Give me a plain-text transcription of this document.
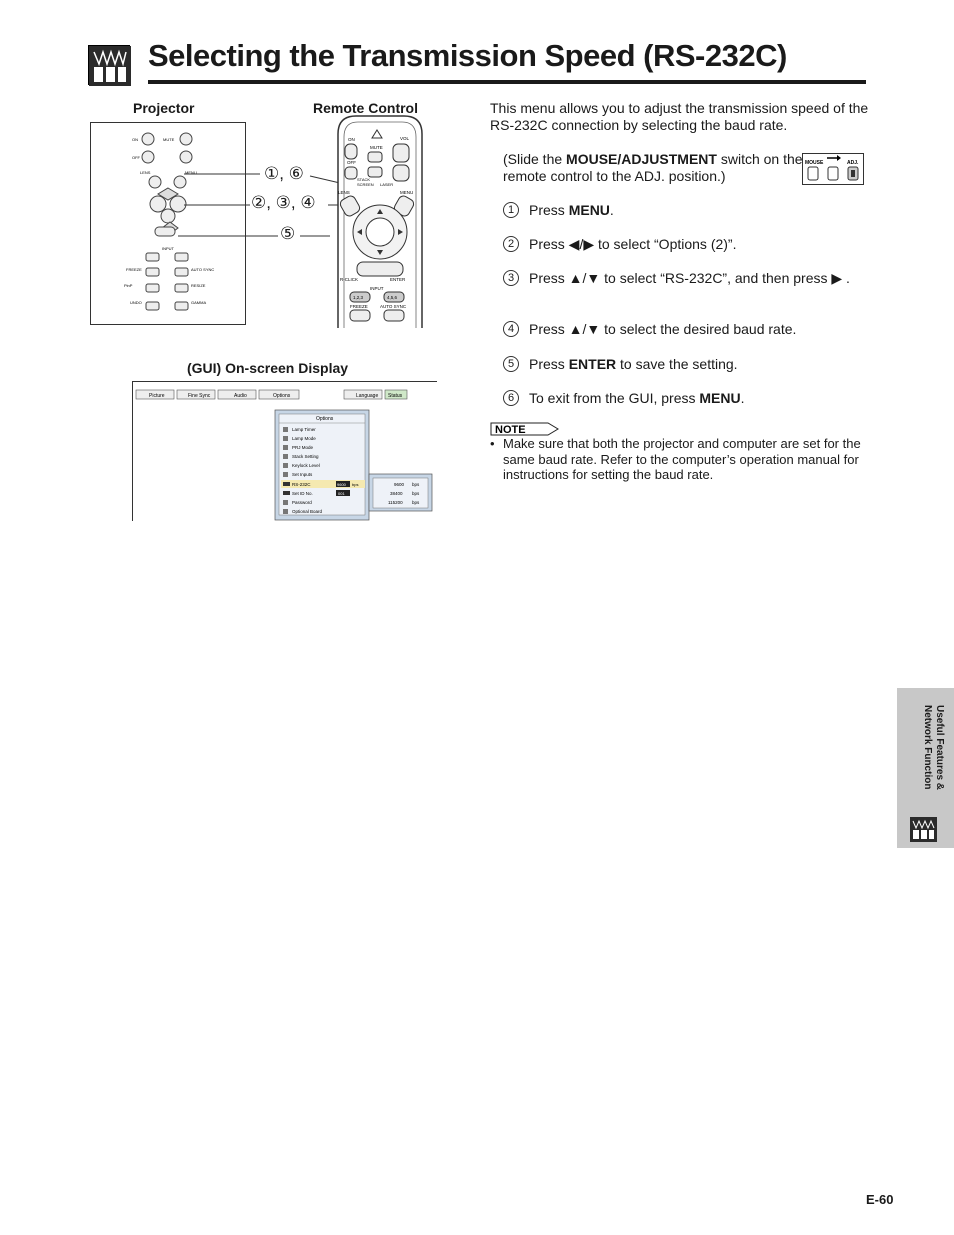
Selecting the Transmission Speed (RS-232C)
Projector	Remote Control
ON	MUTE
OFF
LENS	MENU
INPUT
FREEZE	AUTO SYNC
PinP	RESIZE
UNDO	GAMMA
①, ⑥
②, ③, ④
⑤
ON
MUTE
VOL
OFF
STACK
SCREEN LASER
LENS	MENU
R-CLICK	ENTER
INPUT
1,2,3	4,5,6
FREEZE	AUTO SYNC
(GUI) On-screen Display
Picture	Fine Sync	Audio	Options	Language Status
Options
Lamp Timer
Lamp Mode
PRJ Mode
Stack Setting
Keylock Level
Set Inputs
RS-232C	9600 bps
Set ID No.	001
Password
Optional Board
9600 bps
38400 bps
115200 bps
This menu allows you to adjust the transmission speed of the RS-232C connection by selecting the baud rate.
(Slide the MOUSE/ADJUSTMENT switch on the remote control to the ADJ. position.)
MOUSE	ADJ.
1	Press MENU.
2	Press ◀/▶ to select “Options (2)”.
3	Press ▲/▼ to select “RS-232C”, and then press ▶ .
4	Press ▲/▼ to select the desired baud rate.
5	Press ENTER to save the setting.
6	To exit from the GUI, press MENU.
NOTE
• Make sure that both the projector and computer are set for the same baud rate. Refer to the computer’s operation manual for instructions for setting the baud rate.
Useful Features & Network Function
E-60
